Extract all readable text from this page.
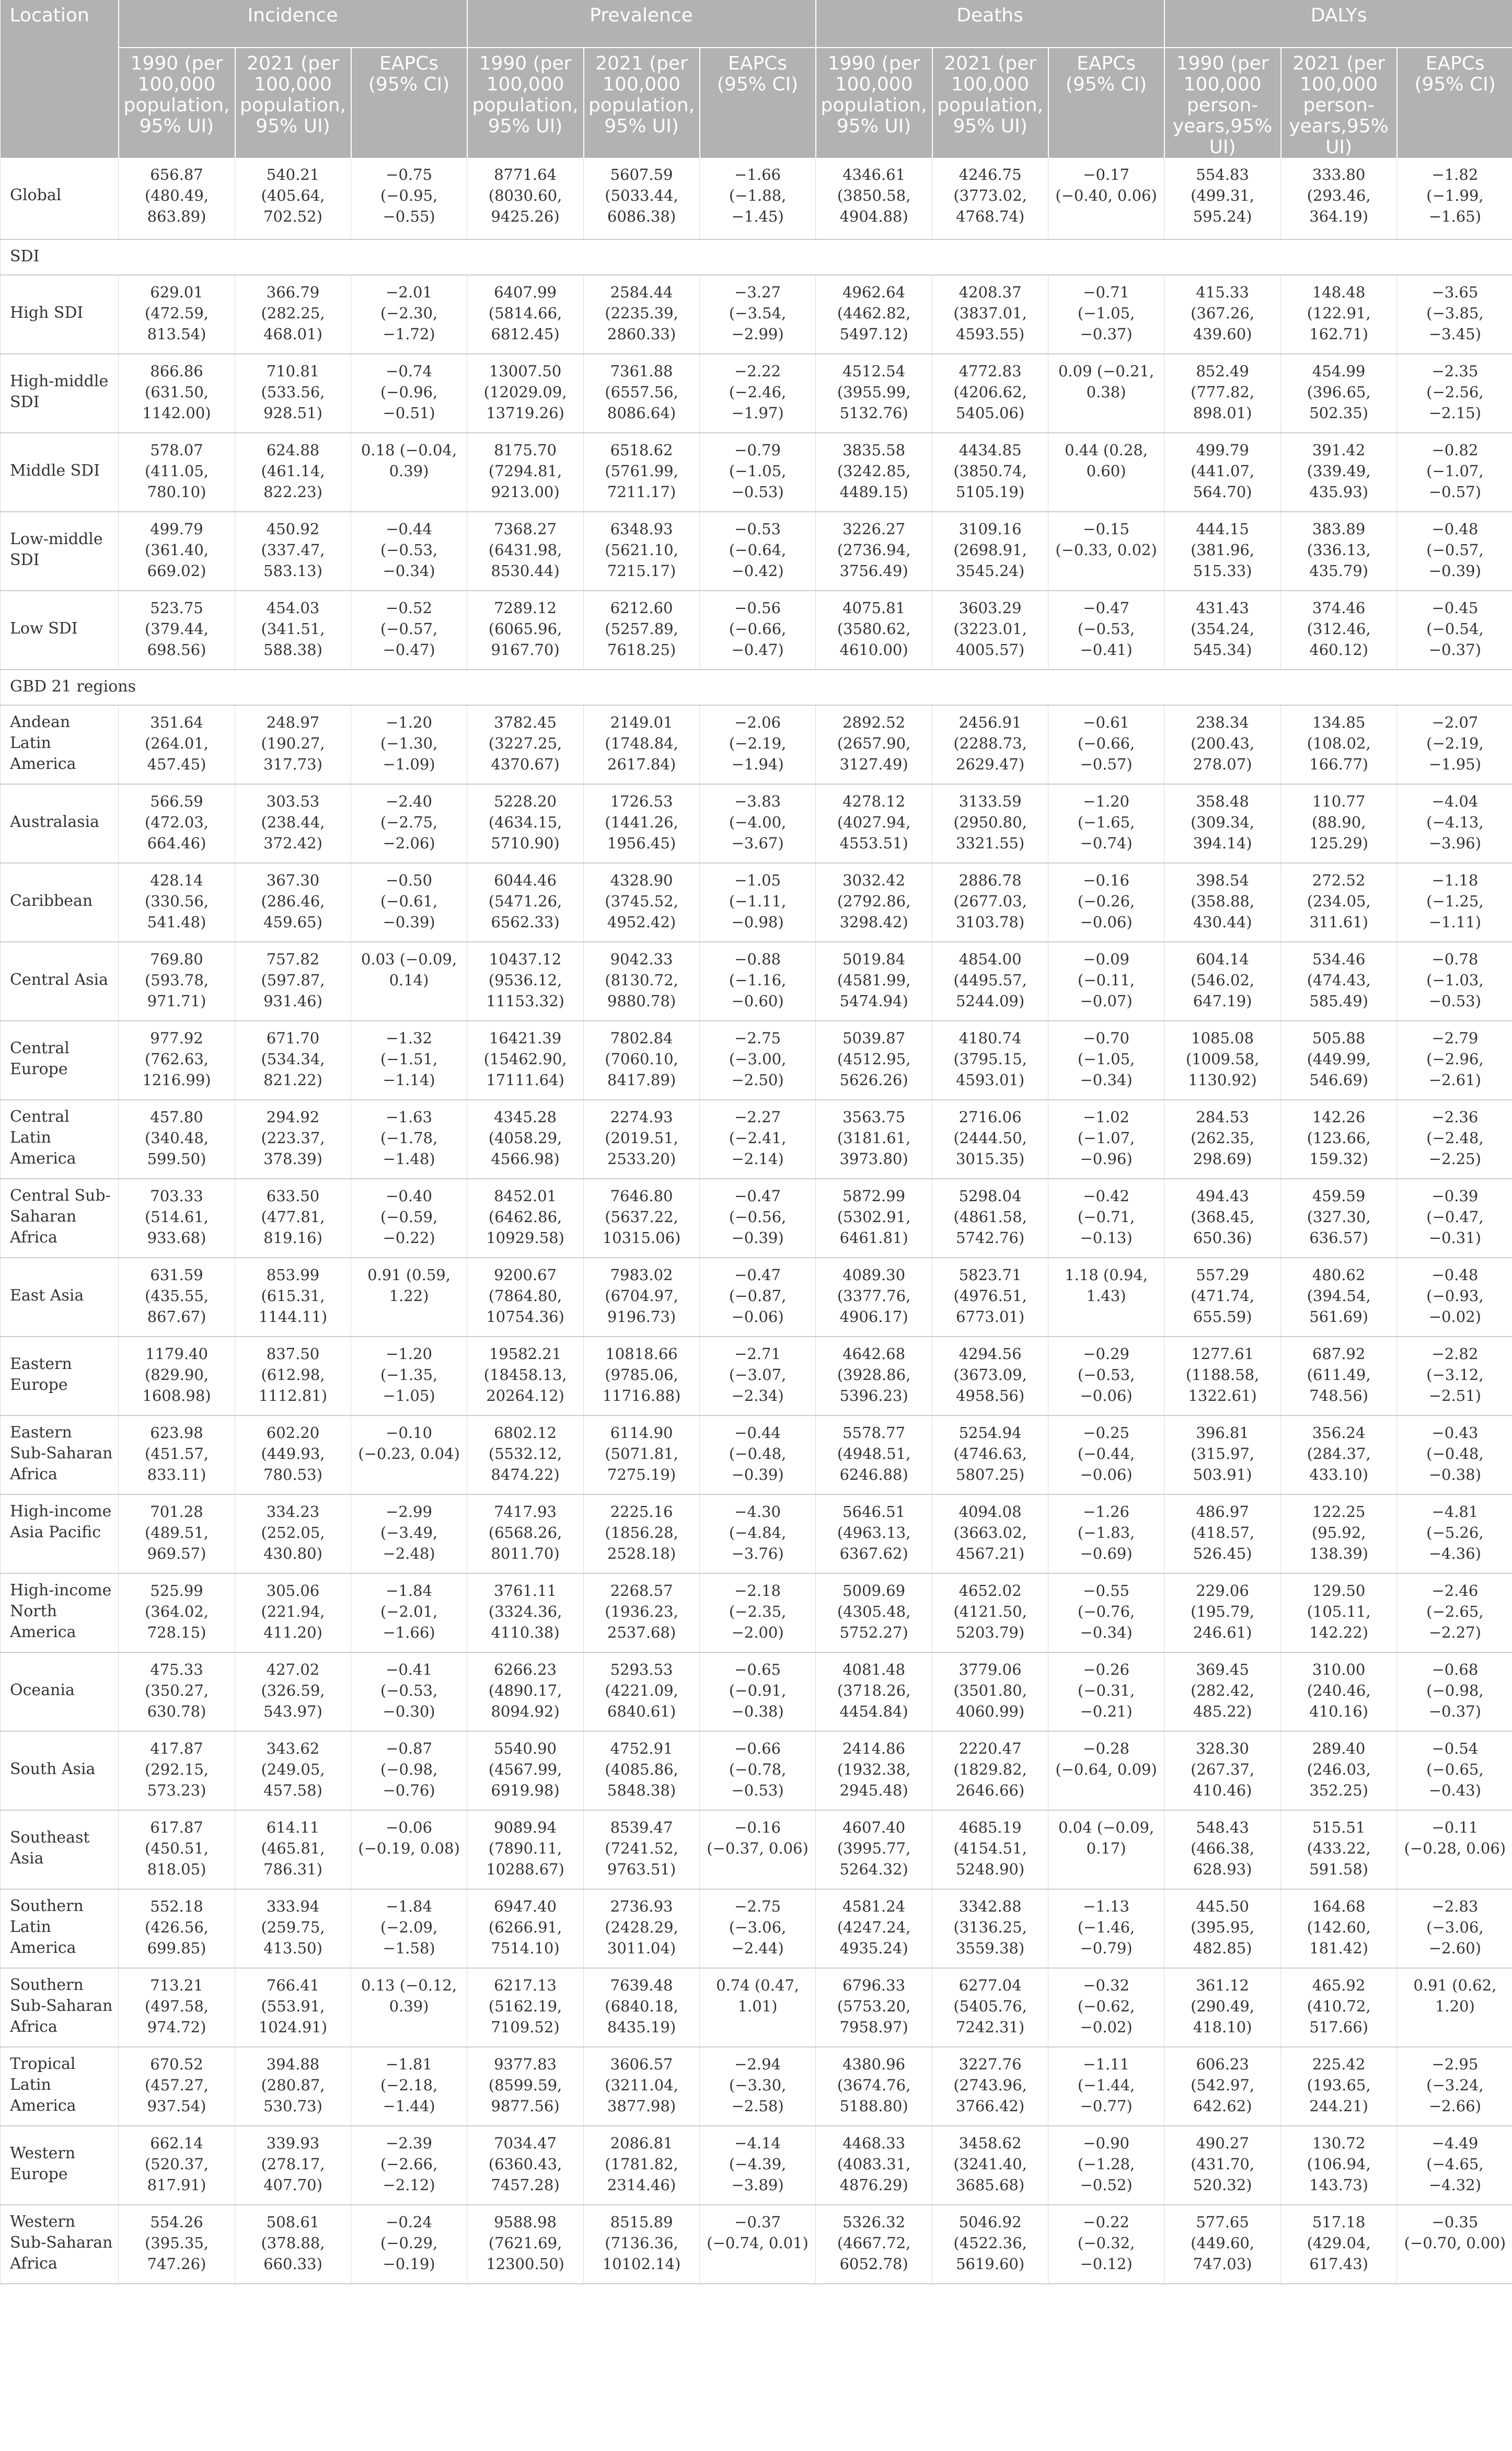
Location	Incidence			Prevalence			Deaths			DALYs		
	1990 (per 100,000 population, 95% UI)	2021 (per 100,000 population, 95% UI)	EAPCs (95% CI)	1990 (per 100,000 population, 95% UI)	2021 (per 100,000 population, 95% UI)	EAPCs (95% CI)	1990 (per 100,000 population, 95% UI)	2021 (per 100,000 population, 95% UI)	EAPCs (95% CI)	1990 (per 100,000 person-years,95% UI)	2021 (per 100,000 person-years,95% UI)	EAPCs (95% CI)
Global	656.87 (480.49, 863.89)	540.21 (405.64, 702.52)	−0.75 (−0.95, −0.55)	8771.64 (8030.60, 9425.26)	5607.59 (5033.44, 6086.38)	−1.66 (−1.88, −1.45)	4346.61 (3850.58, 4904.88)	4246.75 (3773.02, 4768.74)	−0.17 (−0.40, 0.06)	554.83 (499.31, 595.24)	333.80 (293.46, 364.19)	−1.82 (−1.99, −1.65)
SDI												
High SDI	629.01 (472.59, 813.54)	366.79 (282.25, 468.01)	−2.01 (−2.30, −1.72)	6407.99 (5814.66, 6812.45)	2584.44 (2235.39, 2860.33)	−3.27 (−3.54, −2.99)	4962.64 (4462.82, 5497.12)	4208.37 (3837.01, 4593.55)	−0.71 (−1.05, −0.37)	415.33 (367.26, 439.60)	148.48 (122.91, 162.71)	−3.65 (−3.85, −3.45)
High-middle SDI	866.86 (631.50, 1142.00)	710.81 (533.56, 928.51)	−0.74 (−0.96, −0.51)	13007.50 (12029.09, 13719.26)	7361.88 (6557.56, 8086.64)	−2.22 (−2.46, −1.97)	4512.54 (3955.99, 5132.76)	4772.83 (4206.62, 5405.06)	0.09 (−0.21, 0.38)	852.49 (777.82, 898.01)	454.99 (396.65, 502.35)	−2.35 (−2.56, −2.15)
Middle SDI	578.07 (411.05, 780.10)	624.88 (461.14, 822.23)	0.18 (−0.04, 0.39)	8175.70 (7294.81, 9213.00)	6518.62 (5761.99, 7211.17)	−0.79 (−1.05, −0.53)	3835.58 (3242.85, 4489.15)	4434.85 (3850.74, 5105.19)	0.44 (0.28, 0.60)	499.79 (441.07, 564.70)	391.42 (339.49, 435.93)	−0.82 (−1.07, −0.57)
Low-middle SDI	499.79 (361.40, 669.02)	450.92 (337.47, 583.13)	−0.44 (−0.53, −0.34)	7368.27 (6431.98, 8530.44)	6348.93 (5621.10, 7215.17)	−0.53 (−0.64, −0.42)	3226.27 (2736.94, 3756.49)	3109.16 (2698.91, 3545.24)	−0.15 (−0.33, 0.02)	444.15 (381.96, 515.33)	383.89 (336.13, 435.79)	−0.48 (−0.57, −0.39)
Low SDI	523.75 (379.44, 698.56)	454.03 (341.51, 588.38)	−0.52 (−0.57, −0.47)	7289.12 (6065.96, 9167.70)	6212.60 (5257.89, 7618.25)	−0.56 (−0.66, −0.47)	4075.81 (3580.62, 4610.00)	3603.29 (3223.01, 4005.57)	−0.47 (−0.53, −0.41)	431.43 (354.24, 545.34)	374.46 (312.46, 460.12)	−0.45 (−0.54, −0.37)
GBD 21 regions												
Andean Latin America	351.64 (264.01, 457.45)	248.97 (190.27, 317.73)	−1.20 (−1.30, −1.09)	3782.45 (3227.25, 4370.67)	2149.01 (1748.84, 2617.84)	−2.06 (−2.19, −1.94)	2892.52 (2657.90, 3127.49)	2456.91 (2288.73, 2629.47)	−0.61 (−0.66, −0.57)	238.34 (200.43, 278.07)	134.85 (108.02, 166.77)	−2.07 (−2.19, −1.95)
Australasia	566.59 (472.03, 664.46)	303.53 (238.44, 372.42)	−2.40 (−2.75, −2.06)	5228.20 (4634.15, 5710.90)	1726.53 (1441.26, 1956.45)	−3.83 (−4.00, −3.67)	4278.12 (4027.94, 4553.51)	3133.59 (2950.80, 3321.55)	−1.20 (−1.65, −0.74)	358.48 (309.34, 394.14)	110.77 (88.90, 125.29)	−4.04 (−4.13, −3.96)
Caribbean	428.14 (330.56, 541.48)	367.30 (286.46, 459.65)	−0.50 (−0.61, −0.39)	6044.46 (5471.26, 6562.33)	4328.90 (3745.52, 4952.42)	−1.05 (−1.11, −0.98)	3032.42 (2792.86, 3298.42)	2886.78 (2677.03, 3103.78)	−0.16 (−0.26, −0.06)	398.54 (358.88, 430.44)	272.52 (234.05, 311.61)	−1.18 (−1.25, −1.11)
Central Asia	769.80 (593.78, 971.71)	757.82 (597.87, 931.46)	0.03 (−0.09, 0.14)	10437.12 (9536.12, 11153.32)	9042.33 (8130.72, 9880.78)	−0.88 (−1.16, −0.60)	5019.84 (4581.99, 5474.94)	4854.00 (4495.57, 5244.09)	−0.09 (−0.11, −0.07)	604.14 (546.02, 647.19)	534.46 (474.43, 585.49)	−0.78 (−1.03, −0.53)
Central Europe	977.92 (762.63, 1216.99)	671.70 (534.34, 821.22)	−1.32 (−1.51, −1.14)	16421.39 (15462.90, 17111.64)	7802.84 (7060.10, 8417.89)	−2.75 (−3.00, −2.50)	5039.87 (4512.95, 5626.26)	4180.74 (3795.15, 4593.01)	−0.70 (−1.05, −0.34)	1085.08 (1009.58, 1130.92)	505.88 (449.99, 546.69)	−2.79 (−2.96, −2.61)
Central Latin America	457.80 (340.48, 599.50)	294.92 (223.37, 378.39)	−1.63 (−1.78, −1.48)	4345.28 (4058.29, 4566.98)	2274.93 (2019.51, 2533.20)	−2.27 (−2.41, −2.14)	3563.75 (3181.61, 3973.80)	2716.06 (2444.50, 3015.35)	−1.02 (−1.07, −0.96)	284.53 (262.35, 298.69)	142.26 (123.66, 159.32)	−2.36 (−2.48, −2.25)
Central Sub-Saharan Africa	703.33 (514.61, 933.68)	633.50 (477.81, 819.16)	−0.40 (−0.59, −0.22)	8452.01 (6462.86, 10929.58)	7646.80 (5637.22, 10315.06)	−0.47 (−0.56, −0.39)	5872.99 (5302.91, 6461.81)	5298.04 (4861.58, 5742.76)	−0.42 (−0.71, −0.13)	494.43 (368.45, 650.36)	459.59 (327.30, 636.57)	−0.39 (−0.47, −0.31)
East Asia	631.59 (435.55, 867.67)	853.99 (615.31, 1144.11)	0.91 (0.59, 1.22)	9200.67 (7864.80, 10754.36)	7983.02 (6704.97, 9196.73)	−0.47 (−0.87, −0.06)	4089.30 (3377.76, 4906.17)	5823.71 (4976.51, 6773.01)	1.18 (0.94, 1.43)	557.29 (471.74, 655.59)	480.62 (394.54, 561.69)	−0.48 (−0.93, −0.02)
Eastern Europe	1179.40 (829.90, 1608.98)	837.50 (612.98, 1112.81)	−1.20 (−1.35, −1.05)	19582.21 (18458.13, 20264.12)	10818.66 (9785.06, 11716.88)	−2.71 (−3.07, −2.34)	4642.68 (3928.86, 5396.23)	4294.56 (3673.09, 4958.56)	−0.29 (−0.53, −0.06)	1277.61 (1188.58, 1322.61)	687.92 (611.49, 748.56)	−2.82 (−3.12, −2.51)
Eastern Sub-Saharan Africa	623.98 (451.57, 833.11)	602.20 (449.93, 780.53)	−0.10 (−0.23, 0.04)	6802.12 (5532.12, 8474.22)	6114.90 (5071.81, 7275.19)	−0.44 (−0.48, −0.39)	5578.77 (4948.51, 6246.88)	5254.94 (4746.63, 5807.25)	−0.25 (−0.44, −0.06)	396.81 (315.97, 503.91)	356.24 (284.37, 433.10)	−0.43 (−0.48, −0.38)
High-income Asia Pacific	701.28 (489.51, 969.57)	334.23 (252.05, 430.80)	−2.99 (−3.49, −2.48)	7417.93 (6568.26, 8011.70)	2225.16 (1856.28, 2528.18)	−4.30 (−4.84, −3.76)	5646.51 (4963.13, 6367.62)	4094.08 (3663.02, 4567.21)	−1.26 (−1.83, −0.69)	486.97 (418.57, 526.45)	122.25 (95.92, 138.39)	−4.81 (−5.26, −4.36)
High-income North America	525.99 (364.02, 728.15)	305.06 (221.94, 411.20)	−1.84 (−2.01, −1.66)	3761.11 (3324.36, 4110.38)	2268.57 (1936.23, 2537.68)	−2.18 (−2.35, −2.00)	5009.69 (4305.48, 5752.27)	4652.02 (4121.50, 5203.79)	−0.55 (−0.76, −0.34)	229.06 (195.79, 246.61)	129.50 (105.11, 142.22)	−2.46 (−2.65, −2.27)
Oceania	475.33 (350.27, 630.78)	427.02 (326.59, 543.97)	−0.41 (−0.53, −0.30)	6266.23 (4890.17, 8094.92)	5293.53 (4221.09, 6840.61)	−0.65 (−0.91, −0.38)	4081.48 (3718.26, 4454.84)	3779.06 (3501.80, 4060.99)	−0.26 (−0.31, −0.21)	369.45 (282.42, 485.22)	310.00 (240.46, 410.16)	−0.68 (−0.98, −0.37)
South Asia	417.87 (292.15, 573.23)	343.62 (249.05, 457.58)	−0.87 (−0.98, −0.76)	5540.90 (4567.99, 6919.98)	4752.91 (4085.86, 5848.38)	−0.66 (−0.78, −0.53)	2414.86 (1932.38, 2945.48)	2220.47 (1829.82, 2646.66)	−0.28 (−0.64, 0.09)	328.30 (267.37, 410.46)	289.40 (246.03, 352.25)	−0.54 (−0.65, −0.43)
Southeast Asia	617.87 (450.51, 818.05)	614.11 (465.81, 786.31)	−0.06 (−0.19, 0.08)	9089.94 (7890.11, 10288.67)	8539.47 (7241.52, 9763.51)	−0.16 (−0.37, 0.06)	4607.40 (3995.77, 5264.32)	4685.19 (4154.51, 5248.90)	0.04 (−0.09, 0.17)	548.43 (466.38, 628.93)	515.51 (433.22, 591.58)	−0.11 (−0.28, 0.06)
Southern Latin America	552.18 (426.56, 699.85)	333.94 (259.75, 413.50)	−1.84 (−2.09, −1.58)	6947.40 (6266.91, 7514.10)	2736.93 (2428.29, 3011.04)	−2.75 (−3.06, −2.44)	4581.24 (4247.24, 4935.24)	3342.88 (3136.25, 3559.38)	−1.13 (−1.46, −0.79)	445.50 (395.95, 482.85)	164.68 (142.60, 181.42)	−2.83 (−3.06, −2.60)
Southern Sub-Saharan Africa	713.21 (497.58, 974.72)	766.41 (553.91, 1024.91)	0.13 (−0.12, 0.39)	6217.13 (5162.19, 7109.52)	7639.48 (6840.18, 8435.19)	0.74 (0.47, 1.01)	6796.33 (5753.20, 7958.97)	6277.04 (5405.76, 7242.31)	−0.32 (−0.62, −0.02)	361.12 (290.49, 418.10)	465.92 (410.72, 517.66)	0.91 (0.62, 1.20)
Tropical Latin America	670.52 (457.27, 937.54)	394.88 (280.87, 530.73)	−1.81 (−2.18, −1.44)	9377.83 (8599.59, 9877.56)	3606.57 (3211.04, 3877.98)	−2.94 (−3.30, −2.58)	4380.96 (3674.76, 5188.80)	3227.76 (2743.96, 3766.42)	−1.11 (−1.44, −0.77)	606.23 (542.97, 642.62)	225.42 (193.65, 244.21)	−2.95 (−3.24, −2.66)
Western Europe	662.14 (520.37, 817.91)	339.93 (278.17, 407.70)	−2.39 (−2.66, −2.12)	7034.47 (6360.43, 7457.28)	2086.81 (1781.82, 2314.46)	−4.14 (−4.39, −3.89)	4468.33 (4083.31, 4876.29)	3458.62 (3241.40, 3685.68)	−0.90 (−1.28, −0.52)	490.27 (431.70, 520.32)	130.72 (106.94, 143.73)	−4.49 (−4.65, −4.32)
Western Sub-Saharan Africa	554.26 (395.35, 747.26)	508.61 (378.88, 660.33)	−0.24 (−0.29, −0.19)	9588.98 (7621.69, 12300.50)	8515.89 (7136.36, 10102.14)	−0.37 (−0.74, 0.01)	5326.32 (4667.72, 6052.78)	5046.92 (4522.36, 5619.60)	−0.22 (−0.32, −0.12)	577.65 (449.60, 747.03)	517.18 (429.04, 617.43)	−0.35 (−0.70, 0.00)
